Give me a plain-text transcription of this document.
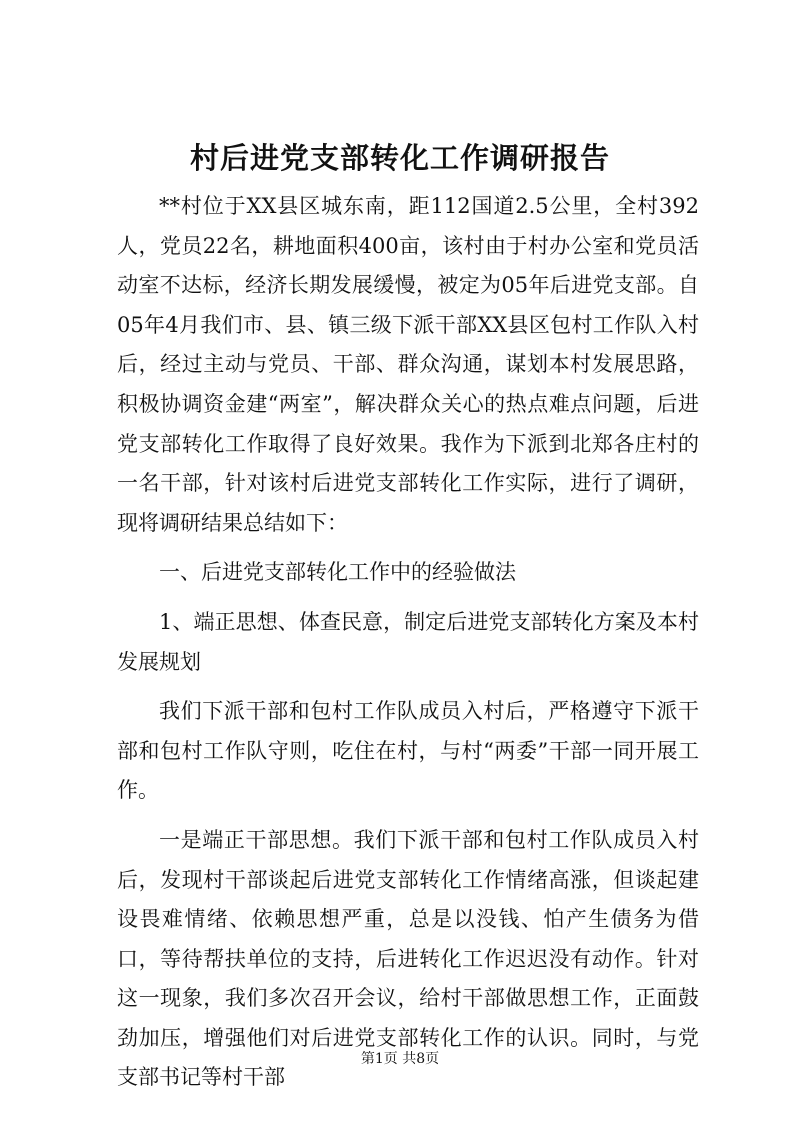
村后进党支部转化工作调研报告

**村位于XX县区城东南，距112国道2.5公里，全村392人，党员22名，耕地面积400亩，该村由于村办公室和党员活动室不达标，经济长期发展缓慢，被定为05年后进党支部。自05年4月我们市、县、镇三级下派干部XX县区包村工作队入村后，经过主动与党员、干部、群众沟通，谋划本村发展思路，积极协调资金建“两室”，解决群众关心的热点难点问题，后进党支部转化工作取得了良好效果。我作为下派到北郑各庄村的一名干部，针对该村后进党支部转化工作实际，进行了调研，现将调研结果总结如下：

一、后进党支部转化工作中的经验做法

1、端正思想、体查民意，制定后进党支部转化方案及本村发展规划

我们下派干部和包村工作队成员入村后，严格遵守下派干部和包村工作队守则，吃住在村，与村“两委”干部一同开展工作。

一是端正干部思想。我们下派干部和包村工作队成员入村后，发现村干部谈起后进党支部转化工作情绪高涨，但谈起建设畏难情绪、依赖思想严重，总是以没钱、怕产生债务为借口，等待帮扶单位的支持，后进转化工作迟迟没有动作。针对这一现象，我们多次召开会议，给村干部做思想工作，正面鼓劲加压，增强他们对后进党支部转化工作的认识。同时，与党支部书记等村干部

第1页 共8页
